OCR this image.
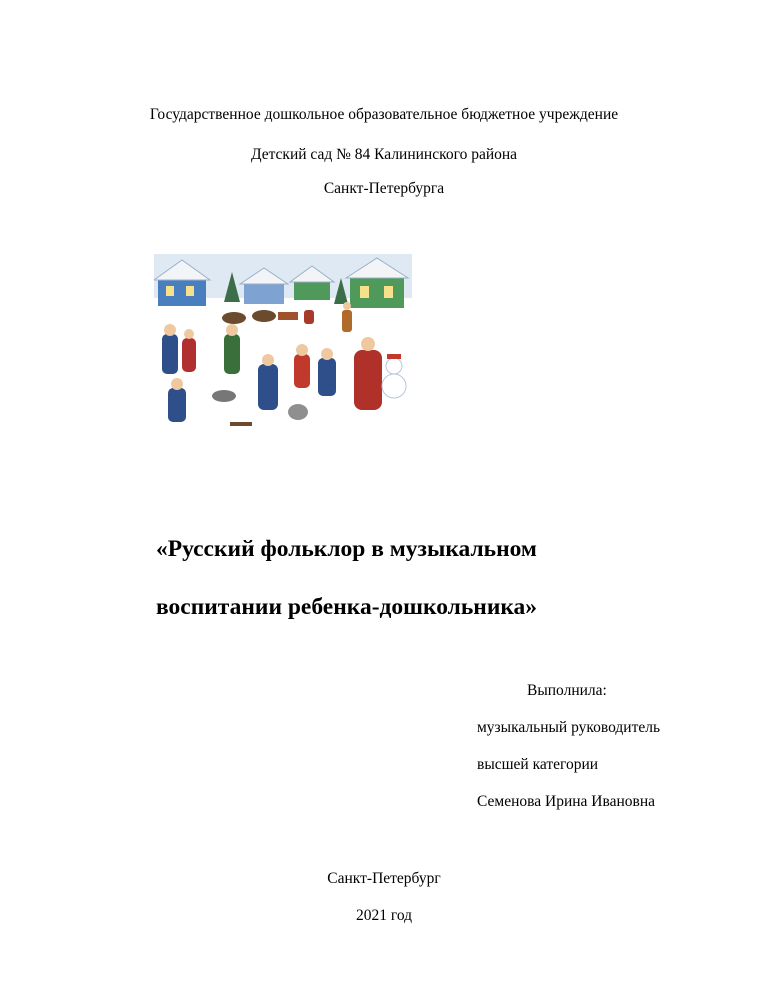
Государственное дошкольное образовательное бюджетное учреждение
Детский сад № 84 Калининского района
Санкт-Петербурга
«Русский фольклор в музыкальном
воспитании ребенка-дошкольника»
Выполнила:
музыкальный руководитель
высшей категории
Семенова Ирина Ивановна
Санкт-Петербург
2021 год
